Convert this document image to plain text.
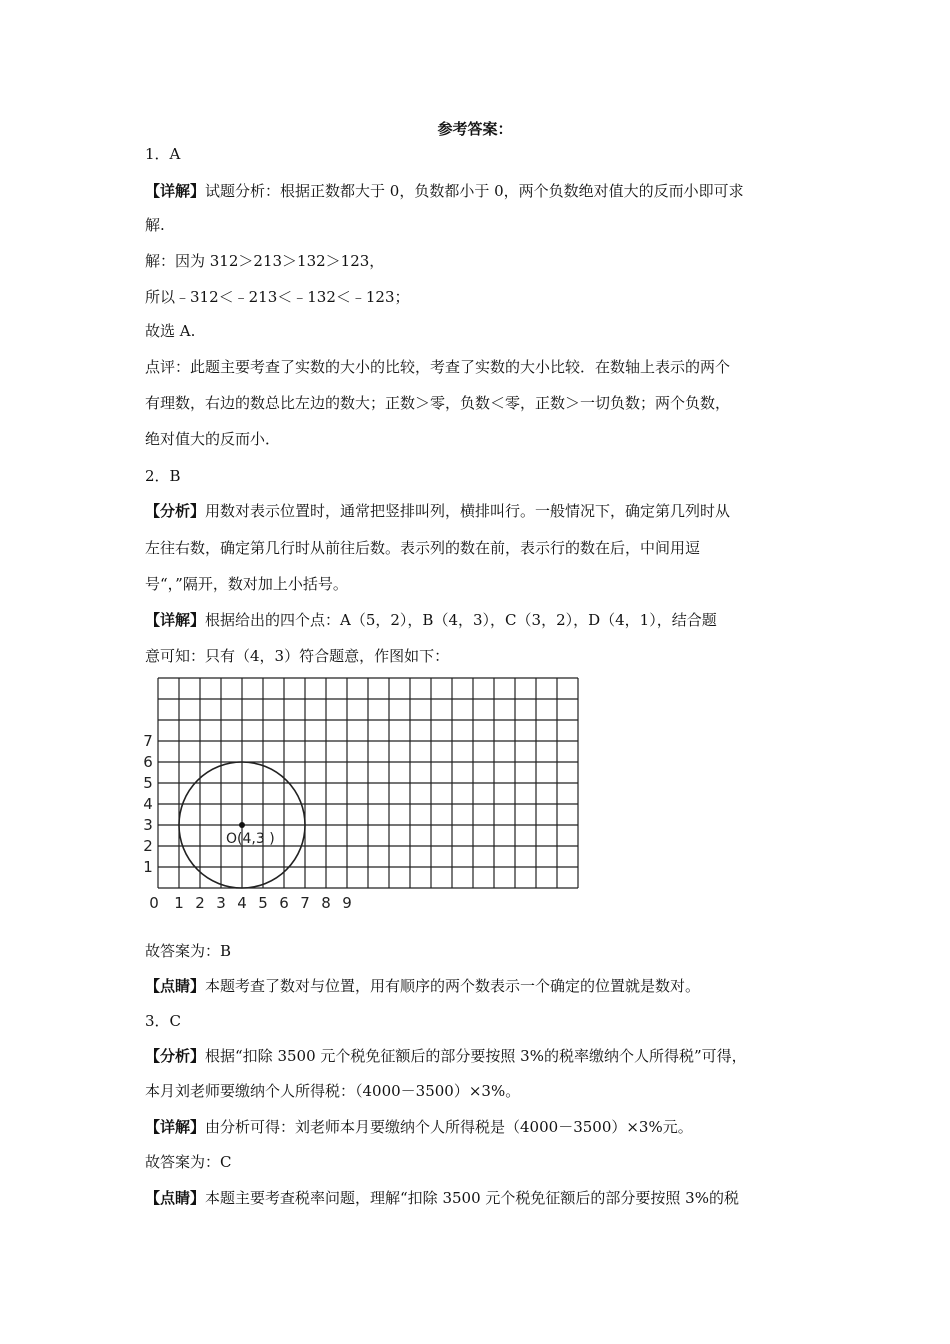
参考答案：
1．A
【详解】试题分析：根据正数都大于 0，负数都小于 0，两个负数绝对值大的反而小即可求
解.
解：因为 312＞213＞132＞123，
所以﹣312＜﹣213＜﹣132＜﹣123；
故选 A.
点评：此题主要考查了实数的大小的比较，考查了实数的大小比较．在数轴上表示的两个
有理数，右边的数总比左边的数大；正数＞零，负数＜零，正数＞一切负数；两个负数，
绝对值大的反而小．
2．B
【分析】用数对表示位置时，通常把竖排叫列，横排叫行。一般情况下，确定第几列时从
左往右数，确定第几行时从前往后数。表示列的数在前，表示行的数在后，中间用逗
号“，”隔开，数对加上小括号。
【详解】根据给出的四个点：A（5，2），B（4，3），C（3，2），D（4，1），结合题
意可知：只有（4，3）符合题意，作图如下：
O(4,3 )
0 1 2 3 4 5 6 7 8 9
1
2
3
4
5
6
7
故答案为：B
【点睛】本题考查了数对与位置，用有顺序的两个数表示一个确定的位置就是数对。
3．C
【分析】根据“扣除 3500 元个税免征额后的部分要按照 3%的税率缴纳个人所得税”可得，
本月刘老师要缴纳个人所得税：（4000－3500）×3%。
【详解】由分析可得：刘老师本月要缴纳个人所得税是（4000－3500）×3%元。
故答案为：C
【点睛】本题主要考查税率问题，理解“扣除 3500 元个税免征额后的部分要按照 3%的税
